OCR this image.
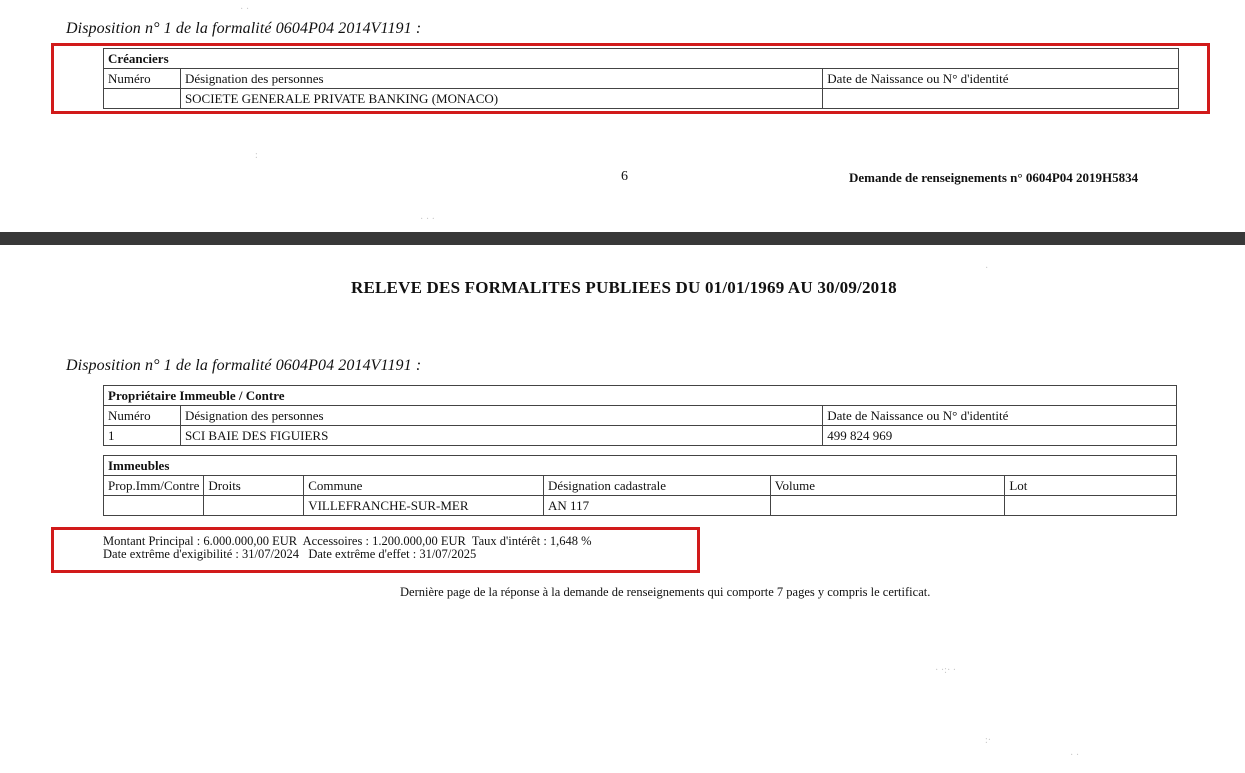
Disposition n° 1 de la formalité 0604P04 2014V1191 :
Créanciers		
Numéro	Désignation des personnes	Date de Naissance ou N° d'identité
	SOCIETE GENERALE PRIVATE BANKING (MONACO)	
6	Demande de renseignements n° 0604P04 2019H5834
· ·
:
· · ·
RELEVE DES FORMALITES PUBLIEES DU 01/01/1969 AU 30/09/2018
Disposition n° 1 de la formalité 0604P04 2014V1191 :
Propriétaire Immeuble / Contre		
Numéro	Désignation des personnes	Date de Naissance ou N° d'identité
1	SCI BAIE DES FIGUIERS	499 824 969
Immeubles					
Prop.Imm/Contre	Droits	Commune	Désignation cadastrale	Volume	Lot
		VILLEFRANCHE-SUR-MER	AN 117		
Montant Principal : 6.000.000,00 EUR  Accessoires : 1.200.000,00 EUR  Taux d'intérêt : 1,648 %
Date extrême d'exigibilité : 31/07/2024   Date extrême d'effet : 31/07/2025
Dernière page de la réponse à la demande de renseignements qui comporte 7 pages y compris le certificat.
·
· ·:· ·
:·
· ·
